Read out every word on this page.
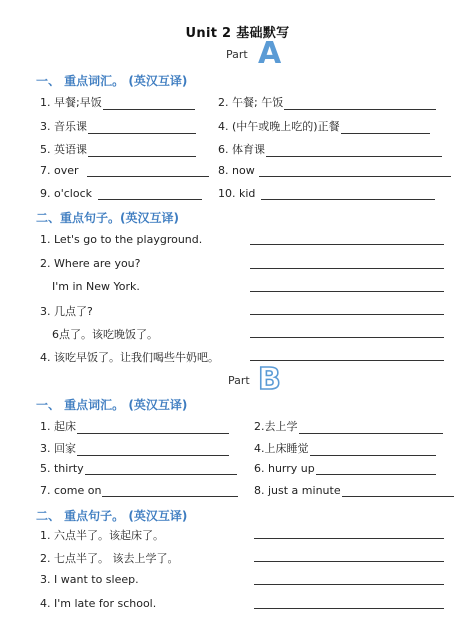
Unit 2 基础默写
Part A
一、 重点词汇。 (英汉互译)
1. 早餐;早饭	2. 午餐; 午饭
3. 音乐课	4. (中午或晚上吃的)正餐
5. 英语课	6. 体育课
7. over	8. now
9. o'clock	10. kid
二、重点句子。(英汉互译)
1. Let's go to the playground.
2. Where are you?
I'm in New York.
3. 几点了?
6点了。该吃晚饭了。
4. 该吃早饭了。让我们喝些牛奶吧。
Part B
一、 重点词汇。 (英汉互译)
1. 起床	2.去上学
3. 回家	4.上床睡觉
5. thirty	6. hurry up
7. come on	8. just a minute
二、 重点句子。 (英汉互译)
1. 六点半了。该起床了。
2. 七点半了。 该去上学了。
3. I want to sleep.
4. I'm late for school.
